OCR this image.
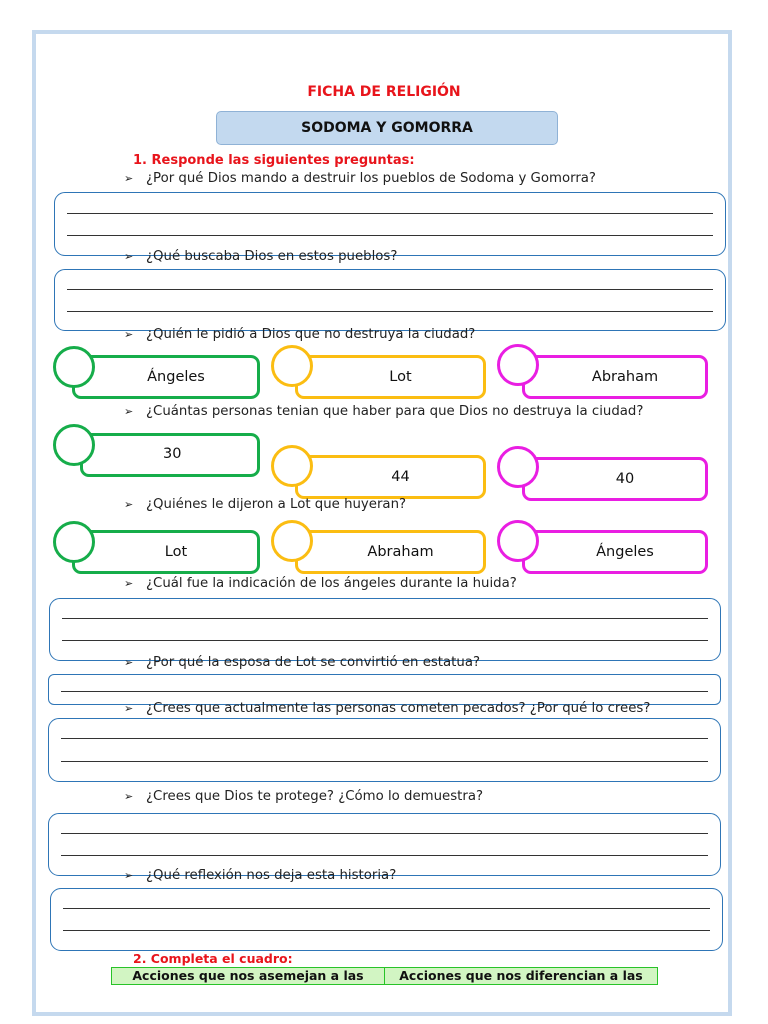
FICHA DE RELIGIÓN
SODOMA Y GOMORRA
1. Responde las siguientes preguntas:
➢ ¿Por qué Dios mando a destruir los pueblos de Sodoma y Gomorra?
➢ ¿Qué buscaba Dios en estos pueblos?
➢ ¿Quién le pidió a Dios que no destruya la ciudad?
Ángeles	Lot	Abraham
➢ ¿Cuántas personas tenian que haber para que Dios no destruya la ciudad?
30
44	40
➢ ¿Quiénes le dijeron a Lot que huyeran?
Lot	Abraham	Ángeles
➢ ¿Cuál fue la indicación de los ángeles durante la huida?
➢ ¿Por qué la esposa de Lot se convirtió en estatua?
➢ ¿Crees que actualmente las personas cometen pecados? ¿Por qué lo crees?
➢ ¿Crees que Dios te protege? ¿Cómo lo demuestra?
➢ ¿Qué reflexión nos deja esta historia?
2. Completa el cuadro:
Acciones que nos asemejan a las	Acciones que nos diferencian a las
